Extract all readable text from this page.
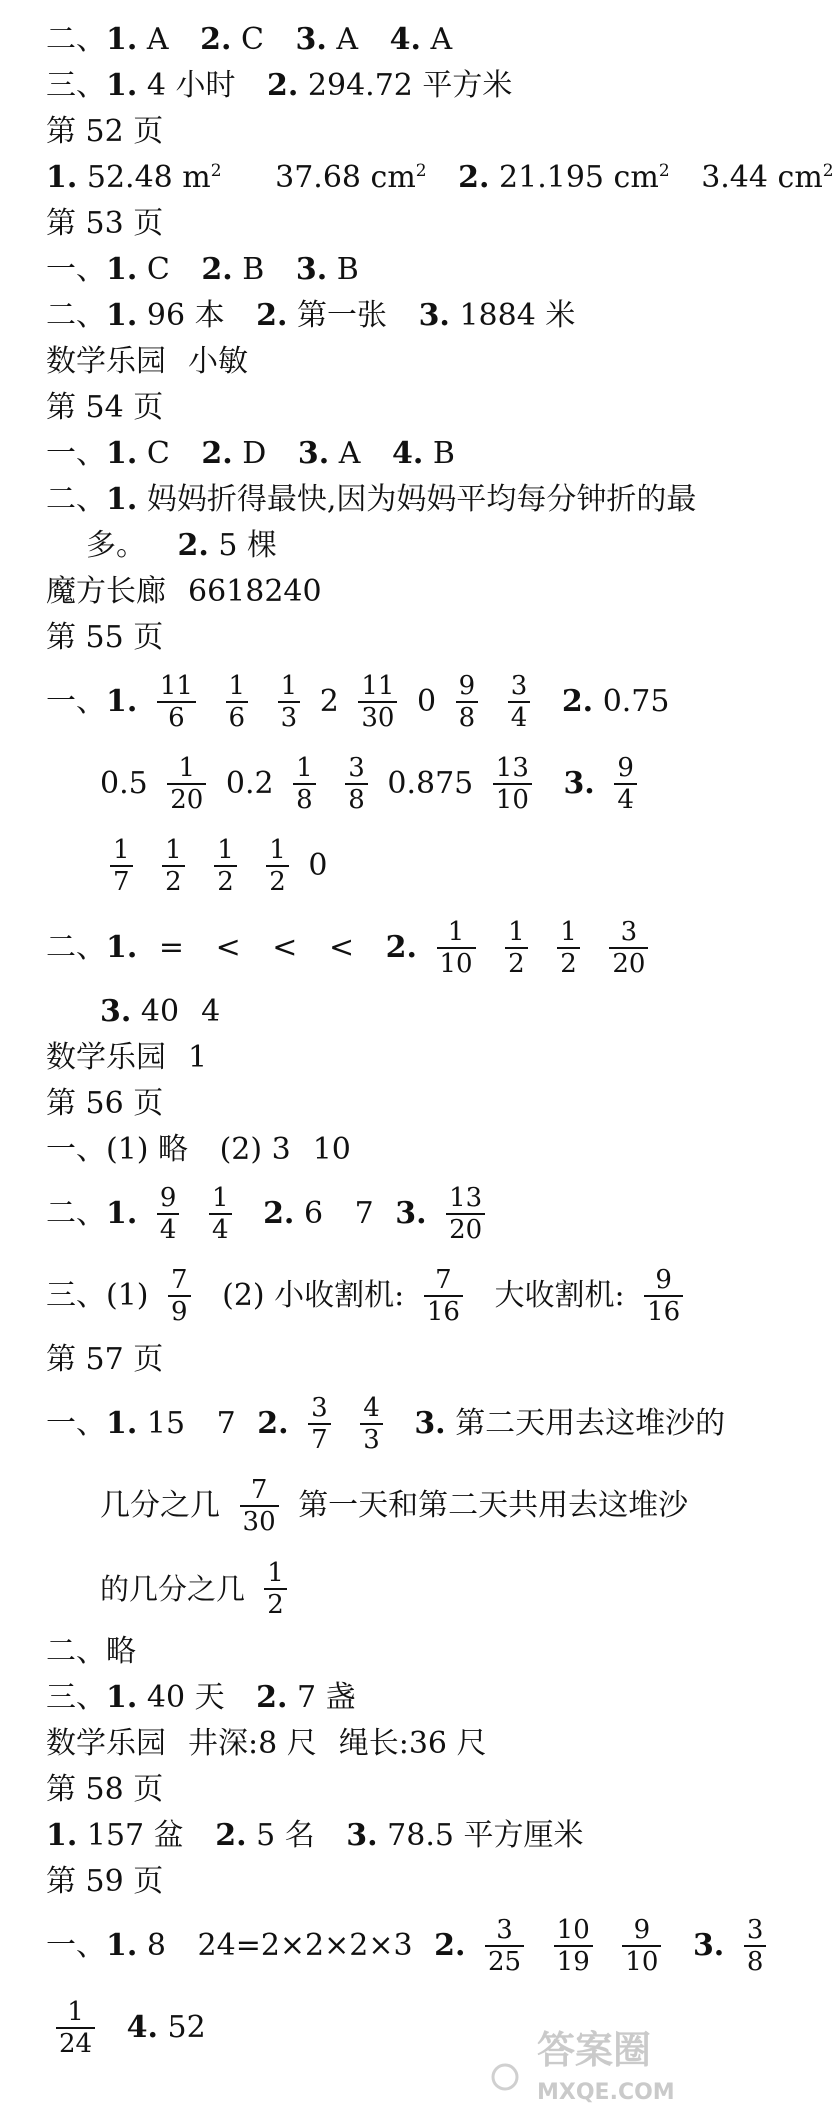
二、1. A 2. C 3. A 4. A
三、1. 4 小时 2. 294.72 平方米
第 52 页
1. 52.48 $m^2$ 37.68 $cm^2$ 2. 21.195 $cm^2$ 3.44 $cm^2$
第 53 页
一、1. C 2. B 3. B
二、1. 96 本 2. 第一张 3. 1884 米
数学乐园 小敏
第 54 页
一、1. C 2. D 3. A 4. B
二、1. 妈妈折得最快,因为妈妈平均每分钟折的最
多。 2. 5 棵
魔方长廊 6618240
第 55 页
一、1. $\frac{11}{6}$
$\frac{1}{6}$
$\frac{1}{3} 2 \frac{11}{30} 0 \frac{9}{8}$
$\frac{3}{4} 2$. 0.75
$0.5 \frac{1}{20} 0.2 \frac{1}{8}$
$\frac{3}{8} 0.875 \frac{13}{10} 3$. $\frac{9}{4}$
$\frac{1}{7}$
$\frac{1}{2}$
$\frac{1}{2}$
$\frac{1}{2} 0$
二、1. = < < < 2. $\frac{1}{10}$
$\frac{1}{2}$
$\frac{1}{2}$
$\frac{3}{20}$
3. 40 4
数学乐园 1
第 56 页
一、(1) 略 (2) 3 10
二、1. $\frac{9}{4}$
$\frac{1}{4} 2$. 6 7 3. $\frac{13}{20}$
三、$(1) \frac{7}{9} (2)$ 小收割机: $\frac{7}{16}$ 大收割机: $\frac{9}{16}$
第 57 页
一、1. 15 7 2. $\frac{3}{7}$
$\frac{4}{3} 3$. 第二天用去这堆沙的
几分之几 $\frac{7}{30}$ 第一天和第二天共用去这堆沙
的几分之几 $\frac{1}{2}$
二、略
三、1. 40 天 2. 7 盏
数学乐园 井深:8 尺 绳长:36 尺
第 58 页
1. 157 盆 2. 5 名 3. 78.5 平方厘米
第 59 页
一、1. 8 24=2×2×2×3 2. $\frac{3}{25}$
$\frac{10}{19}$
$\frac{9}{10} 3$. $\frac{3}{8}$
$\frac{1}{24} 4$. 52
答案圈
MXQE.COM
